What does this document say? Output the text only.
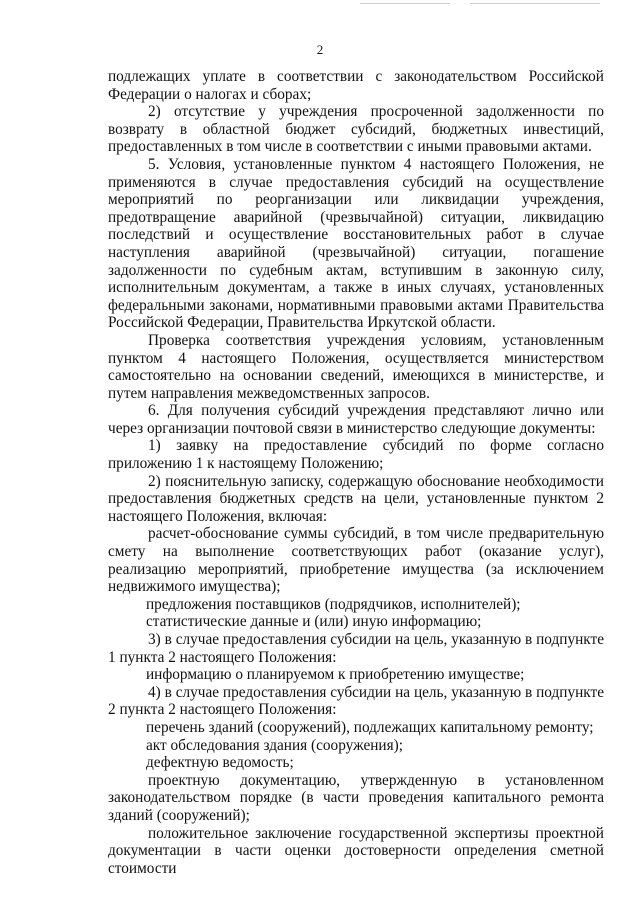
2

подлежащих уплате в соответствии с законодательством Российской Федерации о налогах и сборах;

2) отсутствие у учреждения просроченной задолженности по возврату в областной бюджет субсидий, бюджетных инвестиций, предоставленных в том числе в соответствии с иными правовыми актами.

5. Условия, установленные пунктом 4 настоящего Положения, не применяются в случае предоставления субсидий на осуществление мероприятий по реорганизации или ликвидации учреждения, предотвращение аварийной (чрезвычайной) ситуации, ликвидацию последствий и осуществление восстановительных работ в случае наступления аварийной (чрезвычайной) ситуации, погашение задолженности по судебным актам, вступившим в законную силу, исполнительным документам, а также в иных случаях, установленных федеральными законами, нормативными правовыми актами Правительства Российской Федерации, Правительства Иркутской области.

Проверка соответствия учреждения условиям, установленным пунктом 4 настоящего Положения, осуществляется министерством самостоятельно на основании сведений, имеющихся в министерстве, и путем направления межведомственных запросов.

6. Для получения субсидий учреждения представляют лично или через организации почтовой связи в министерство следующие документы:

1) заявку на предоставление субсидий по форме согласно приложению 1 к настоящему Положению;

2) пояснительную записку, содержащую обоснование необходимости предоставления бюджетных средств на цели, установленные пунктом 2 настоящего Положения, включая:

расчет-обоснование суммы субсидий, в том числе предварительную смету на выполнение соответствующих работ (оказание услуг), реализацию мероприятий, приобретение имущества (за исключением недвижимого имущества);

предложения поставщиков (подрядчиков, исполнителей);

статистические данные и (или) иную информацию;

3) в случае предоставления субсидии на цель, указанную в подпункте 1 пункта 2 настоящего Положения:

информацию о планируемом к приобретению имуществе;

4) в случае предоставления субсидии на цель, указанную в подпункте 2 пункта 2 настоящего Положения:

перечень зданий (сооружений), подлежащих капитальному ремонту;

акт обследования здания (сооружения);

дефектную ведомость;

проектную документацию, утвержденную в установленном законодательством порядке (в части проведения капитального ремонта зданий (сооружений);

положительное заключение государственной экспертизы проектной документации в части оценки достоверности определения сметной стоимости
